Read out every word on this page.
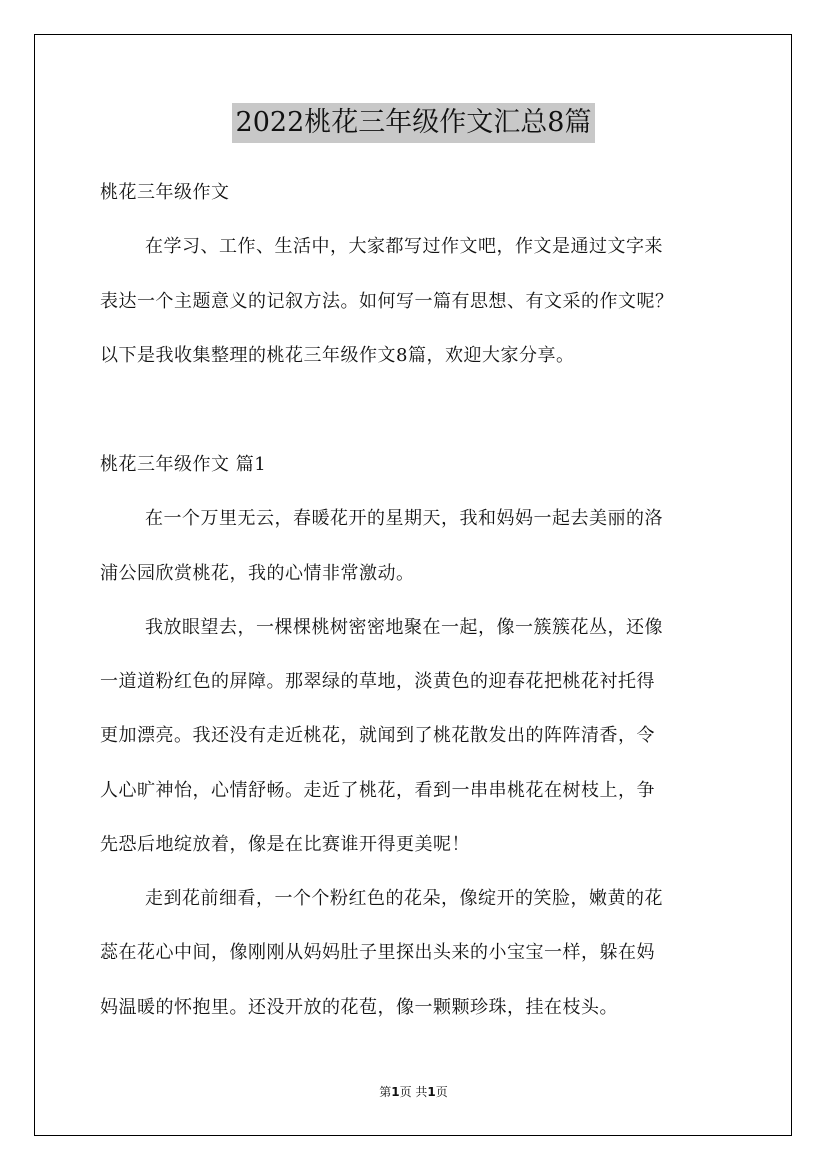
2022桃花三年级作文汇总8篇
桃花三年级作文
在学习、工作、生活中，大家都写过作文吧，作文是通过文字来
表达一个主题意义的记叙方法。如何写一篇有思想、有文采的作文呢？
以下是我收集整理的桃花三年级作文8篇，欢迎大家分享。
桃花三年级作文 篇1
在一个万里无云，春暖花开的星期天，我和妈妈一起去美丽的洛
浦公园欣赏桃花，我的心情非常激动。
我放眼望去，一棵棵桃树密密地聚在一起，像一簇簇花丛，还像
一道道粉红色的屏障。那翠绿的草地，淡黄色的迎春花把桃花衬托得
更加漂亮。我还没有走近桃花，就闻到了桃花散发出的阵阵清香，令
人心旷神怡，心情舒畅。走近了桃花，看到一串串桃花在树枝上，争
先恐后地绽放着，像是在比赛谁开得更美呢！
走到花前细看，一个个粉红色的花朵，像绽开的笑脸，嫩黄的花
蕊在花心中间，像刚刚从妈妈肚子里探出头来的小宝宝一样，躲在妈
妈温暖的怀抱里。还没开放的花苞，像一颗颗珍珠，挂在枝头。
第1页 共1页
